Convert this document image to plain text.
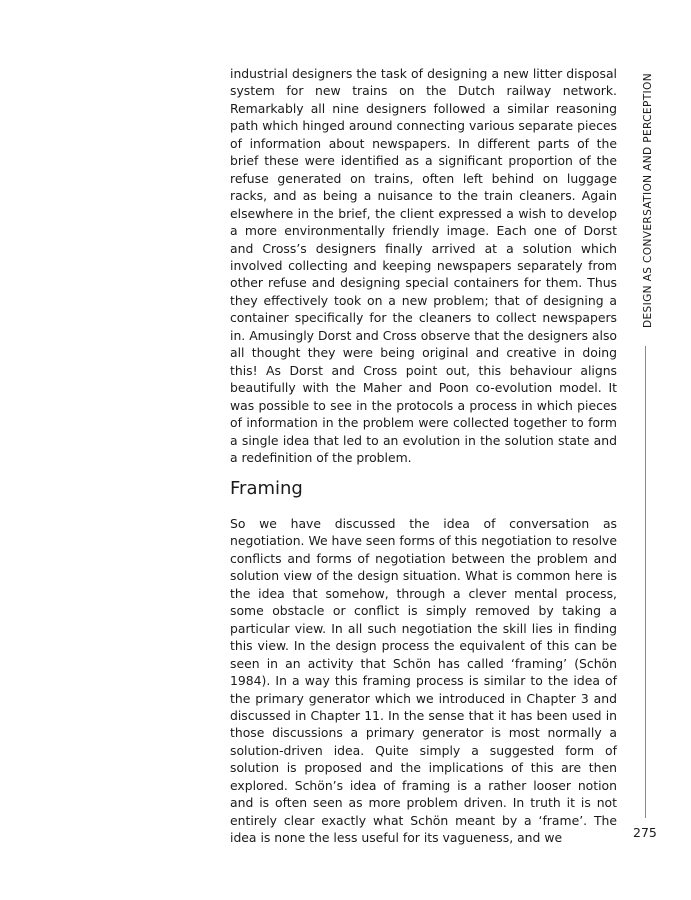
industrial designers the task of designing a new litter disposal system for new trains on the Dutch railway network. Remarkably all nine designers followed a similar reasoning path which hinged around connecting various separate pieces of information about newspapers. In different parts of the brief these were identified as a significant proportion of the refuse generated on trains, often left behind on luggage racks, and as being a nuisance to the train cleaners. Again elsewhere in the brief, the client expressed a wish to develop a more environmentally friendly image. Each one of Dorst and Cross’s designers finally arrived at a solution which involved collecting and keeping newspapers separately from other refuse and designing special containers for them. Thus they effectively took on a new problem; that of designing a container specifically for the cleaners to collect newspapers in. Amusingly Dorst and Cross observe that the designers also all thought they were being original and creative in doing this! As Dorst and Cross point out, this behaviour aligns beautifully with the Maher and Poon co-evolution model. It was possible to see in the protocols a process in which pieces of information in the problem were collected together to form a single idea that led to an evolution in the solution state and a redefinition of the problem.

Framing

So we have discussed the idea of conversation as negotiation. We have seen forms of this negotiation to resolve conflicts and forms of negotiation between the problem and solution view of the design situation. What is common here is the idea that somehow, through a clever mental process, some obstacle or conflict is simply removed by taking a particular view. In all such negotiation the skill lies in finding this view. In the design process the equivalent of this can be seen in an activity that Schön has called ‘framing’ (Schön 1984). In a way this framing process is similar to the idea of the primary generator which we introduced in Chapter 3 and discussed in Chapter 11. In the sense that it has been used in those discussions a primary generator is most normally a solution-driven idea. Quite simply a suggested form of solution is proposed and the implications of this are then explored. Schön’s idea of framing is a rather looser notion and is often seen as more problem driven. In truth it is not entirely clear exactly what Schön meant by a ‘frame’. The idea is none the less useful for its vagueness, and we

DESIGN AS CONVERSATION AND PERCEPTION
275
